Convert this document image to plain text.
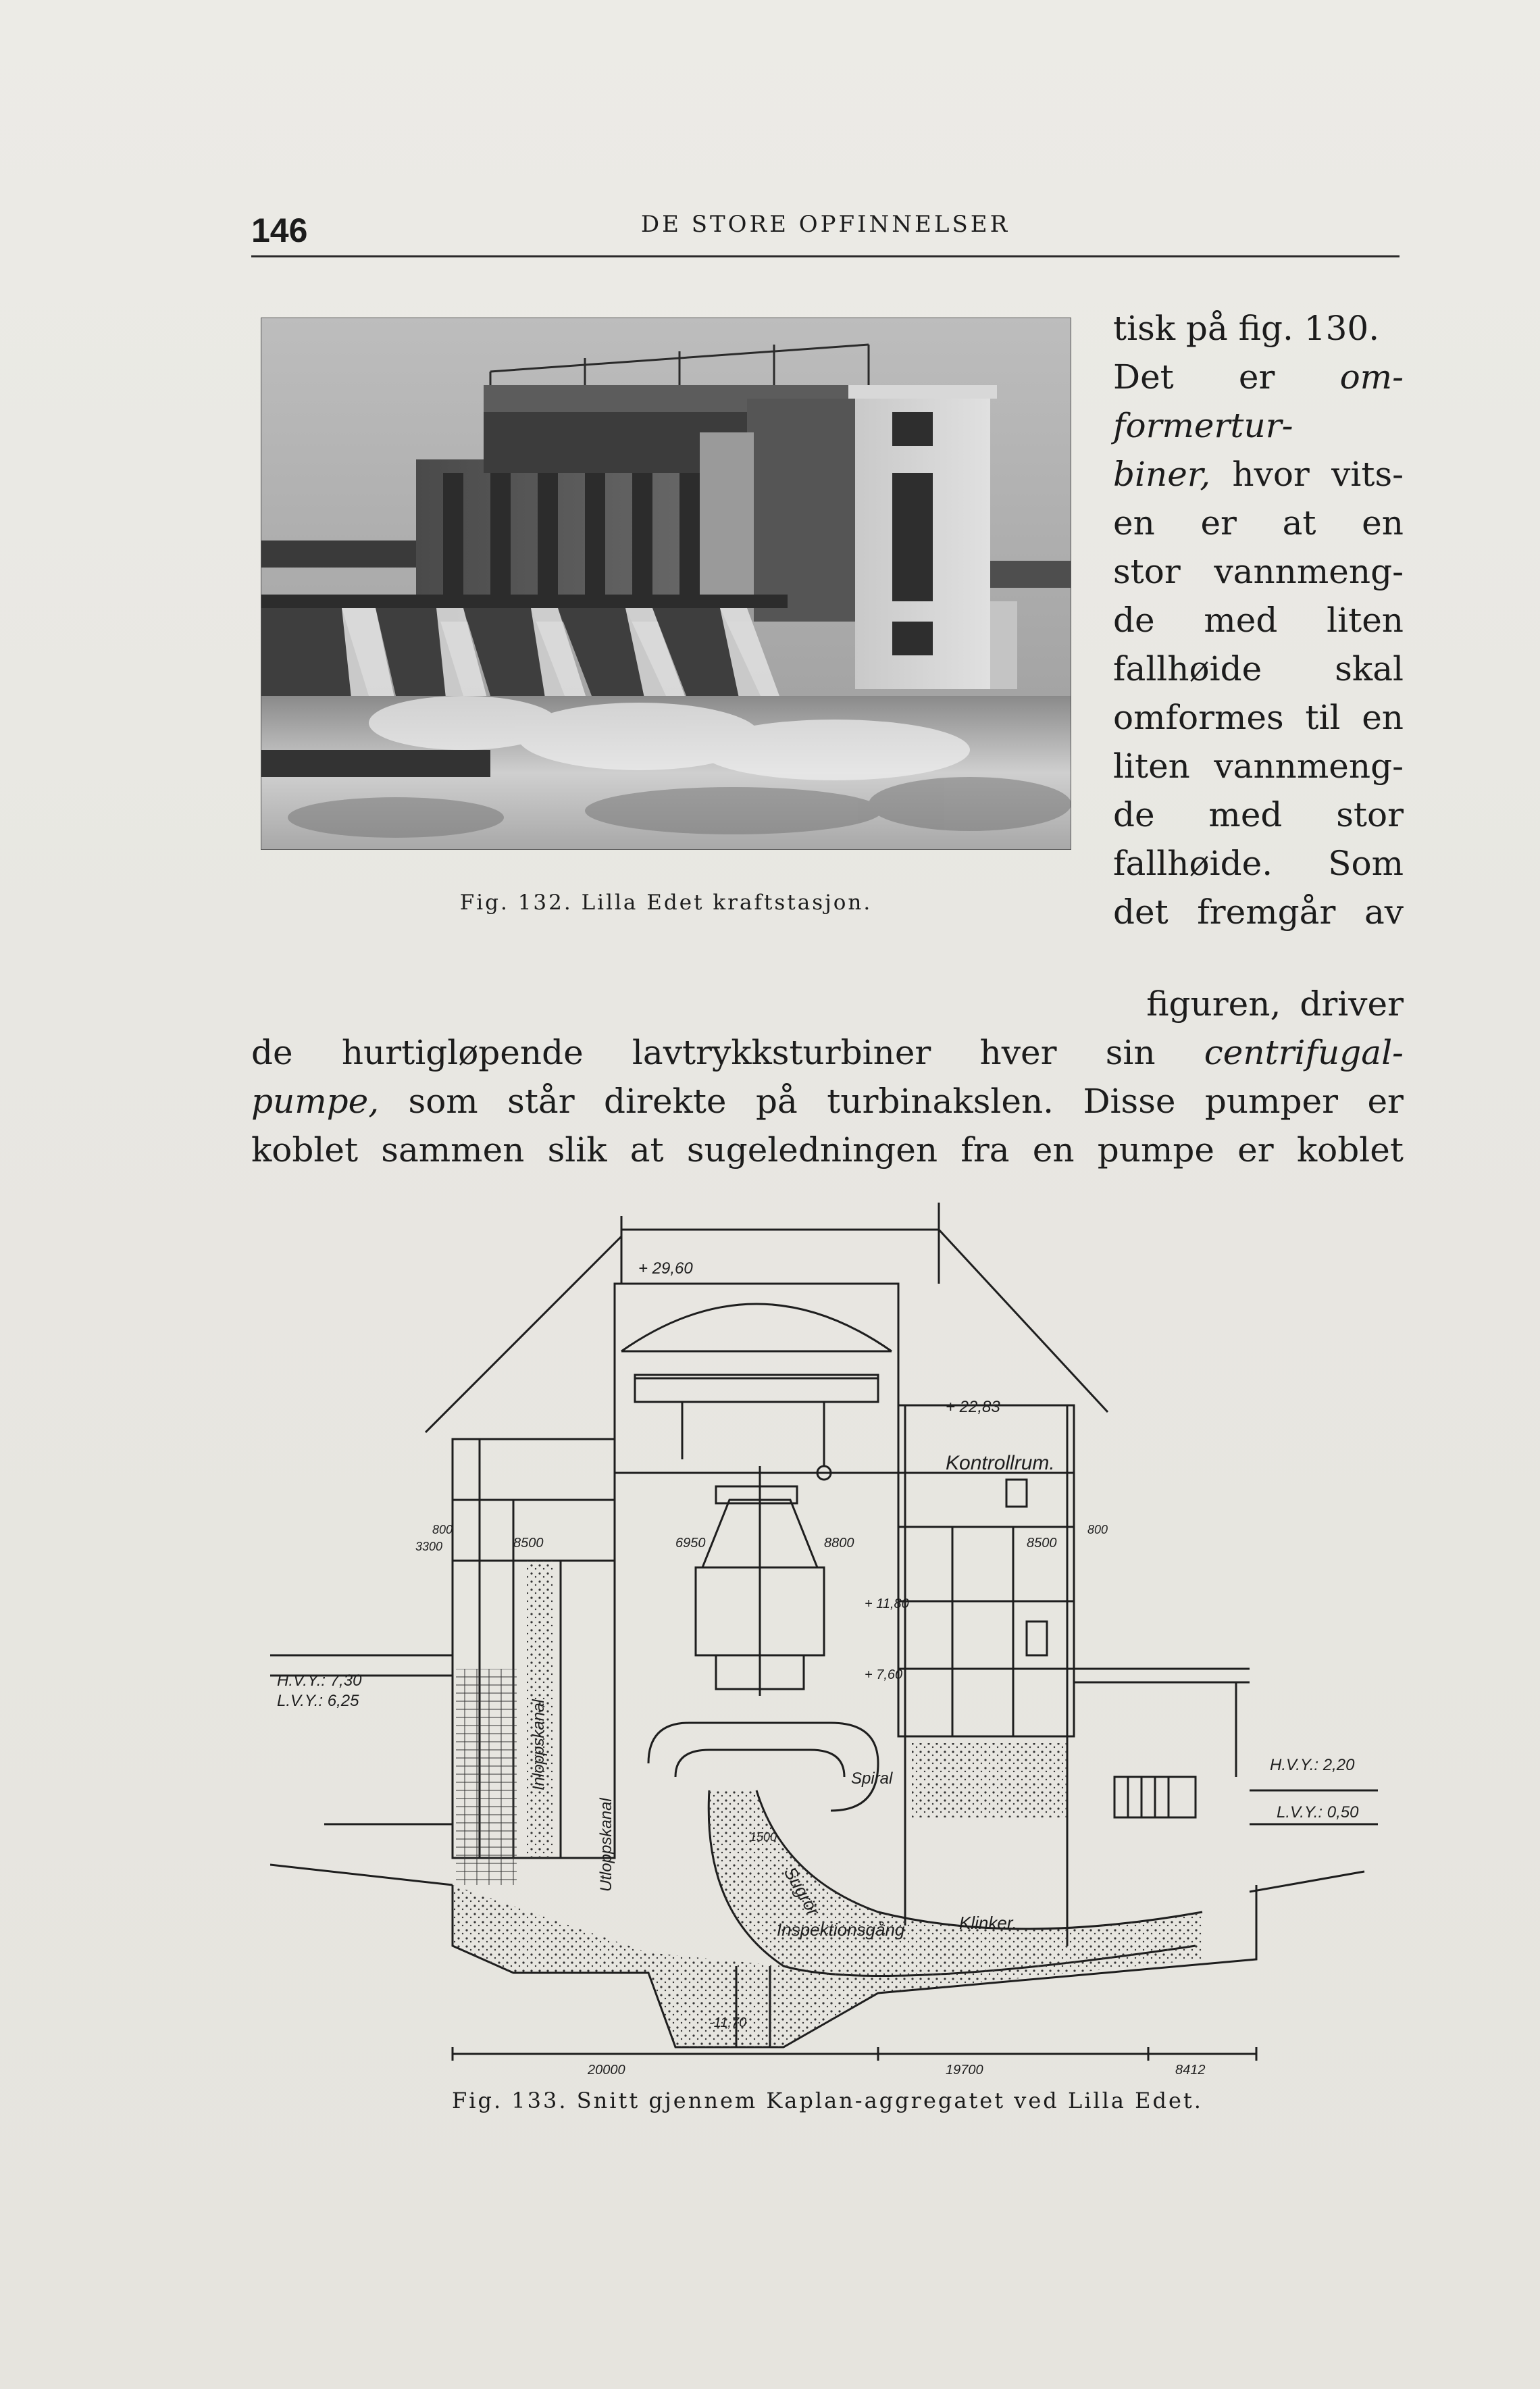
146	DE STORE OPFINNELSER
Fig. 132. Lilla Edet kraftstasjon.
tisk på fig. 130.
Det er om-
formertur-
biner, hvor vits-
en er at en
stor vannmeng-
de med liten
fallhøide skal
omformes til en
liten vannmeng-
de med stor
fallhøide. Som
det fremgår av
figuren, driver
de hurtigløpende lavtrykksturbiner hver sin centrifugal-
pumpe, som står direkte på turbinakslen. Disse pumper er
koblet sammen slik at sugeledningen fra en pumpe er koblet
+ 29,60
+ 22,83
Kontrollrum.
8500	6950	8800	8500
800	800
3300
+ 11,80
+ 7,60
Spiral
1500
Sugrör
Inspektionsgång	Klinker.
-11,70
H.V.Y.: 7,30
L.V.Y.: 6,25
H.V.Y.: 2,20
L.V.Y.: 0,50
20000	19700	8412
Inloppskanal
Utloppskanal
Fig. 133. Snitt gjennem Kaplan-aggregatet ved Lilla Edet.
